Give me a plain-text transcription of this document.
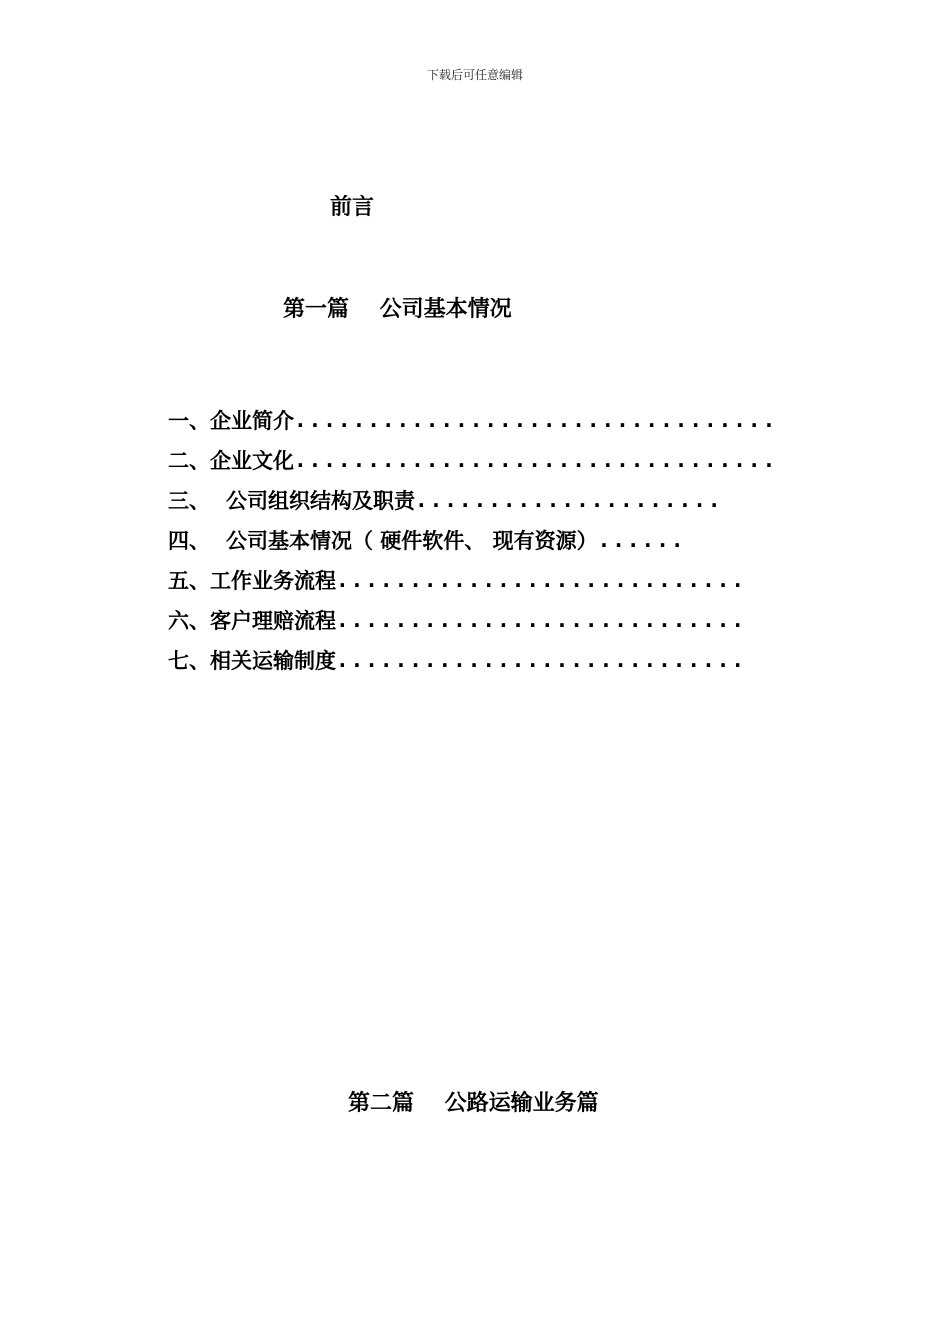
下载后可任意编辑
前言
第一篇    公司基本情况
一、 企业简介 .................................
二、 企业文化 .................................
三、 公司组织结构及职责 .....................
四、 公司基本情况（ 硬件软件、 现有资源） ......
五、 工作业务流程 ............................
六、 客户理赔流程 ............................
七、 相关运输制度 ............................
第二篇    公路运输业务篇
